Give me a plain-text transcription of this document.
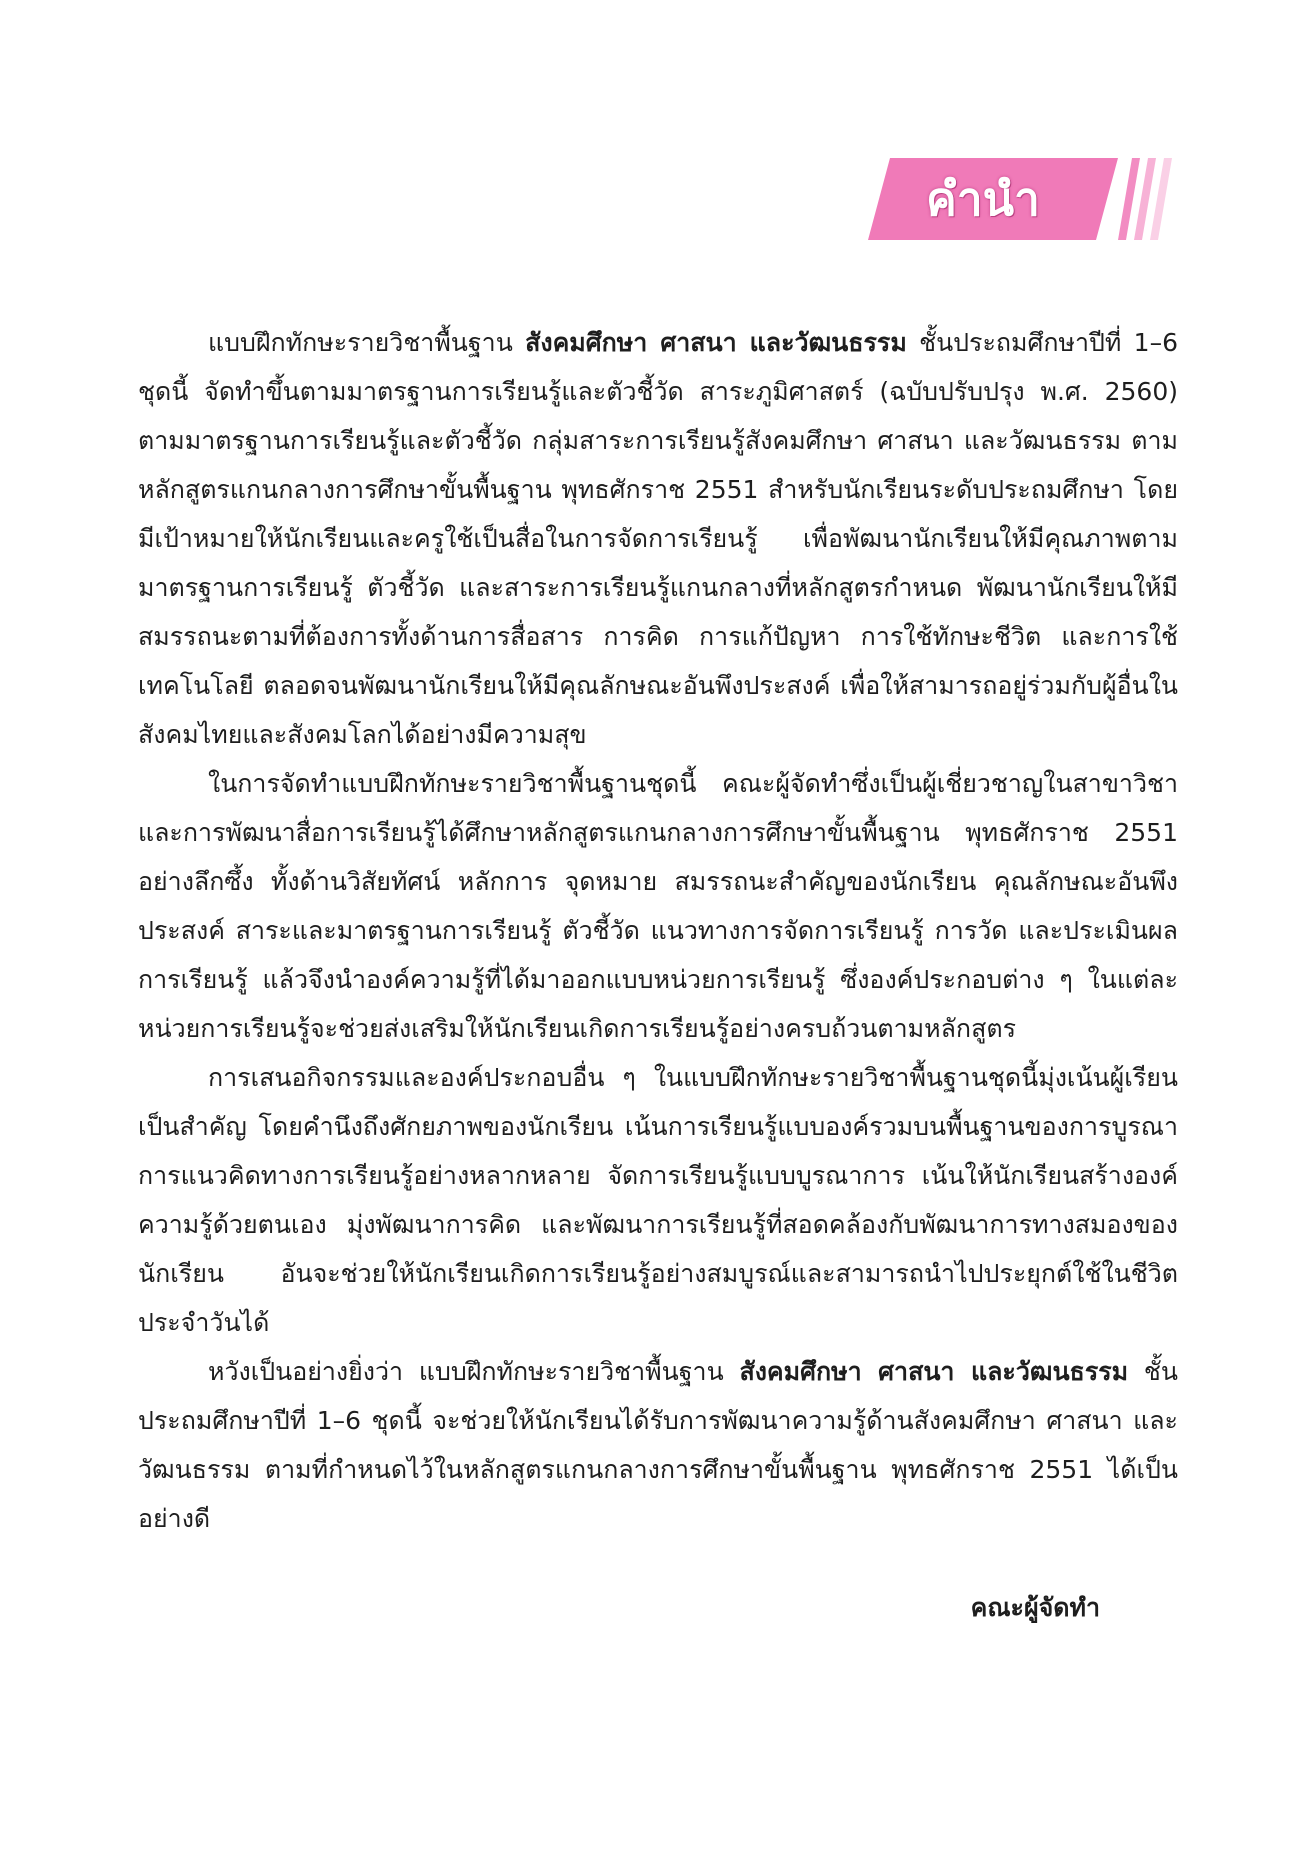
คำนำ

แบบฝึกทักษะรายวิชาพื้นฐาน สังคมศึกษา ศาสนา และวัฒนธรรม ชั้นประถมศึกษาปีที่ 1–6 ชุดนี้ จัดทำขึ้นตามมาตรฐานการเรียนรู้และตัวชี้วัด สาระภูมิศาสตร์ (ฉบับปรับปรุง พ.ศ. 2560) ตามมาตรฐานการเรียนรู้และตัวชี้วัด กลุ่มสาระการเรียนรู้สังคมศึกษา ศาสนา และวัฒนธรรม ตามหลักสูตรแกนกลางการศึกษาขั้นพื้นฐาน พุทธศักราช 2551 สำหรับนักเรียนระดับประถมศึกษา โดยมีเป้าหมายให้นักเรียนและครูใช้เป็นสื่อในการจัดการเรียนรู้ เพื่อพัฒนานักเรียนให้มีคุณภาพตามมาตรฐานการเรียนรู้ ตัวชี้วัด และสาระการเรียนรู้แกนกลางที่หลักสูตรกำหนด พัฒนานักเรียนให้มีสมรรถนะตามที่ต้องการทั้งด้านการสื่อสาร การคิด การแก้ปัญหา การใช้ทักษะชีวิต และการใช้เทคโนโลยี ตลอดจนพัฒนานักเรียนให้มีคุณลักษณะอันพึงประสงค์ เพื่อให้สามารถอยู่ร่วมกับผู้อื่นในสังคมไทยและสังคมโลกได้อย่างมีความสุข

ในการจัดทำแบบฝึกทักษะรายวิชาพื้นฐานชุดนี้ คณะผู้จัดทำซึ่งเป็นผู้เชี่ยวชาญในสาขาวิชาและการพัฒนาสื่อการเรียนรู้ได้ศึกษาหลักสูตรแกนกลางการศึกษาขั้นพื้นฐาน พุทธศักราช 2551 อย่างลึกซึ้ง ทั้งด้านวิสัยทัศน์ หลักการ จุดหมาย สมรรถนะสำคัญของนักเรียน คุณลักษณะอันพึงประสงค์ สาระและมาตรฐานการเรียนรู้ ตัวชี้วัด แนวทางการจัดการเรียนรู้ การวัด และประเมินผลการเรียนรู้ แล้วจึงนำองค์ความรู้ที่ได้มาออกแบบหน่วยการเรียนรู้ ซึ่งองค์ประกอบต่าง ๆ ในแต่ละหน่วยการเรียนรู้จะช่วยส่งเสริมให้นักเรียนเกิดการเรียนรู้อย่างครบถ้วนตามหลักสูตร

การเสนอกิจกรรมและองค์ประกอบอื่น ๆ ในแบบฝึกทักษะรายวิชาพื้นฐานชุดนี้มุ่งเน้นผู้เรียนเป็นสำคัญ โดยคำนึงถึงศักยภาพของนักเรียน เน้นการเรียนรู้แบบองค์รวมบนพื้นฐานของการบูรณาการแนวคิดทางการเรียนรู้อย่างหลากหลาย จัดการเรียนรู้แบบบูรณาการ เน้นให้นักเรียนสร้างองค์ความรู้ด้วยตนเอง มุ่งพัฒนาการคิด และพัฒนาการเรียนรู้ที่สอดคล้องกับพัฒนาการทางสมองของนักเรียน อันจะช่วยให้นักเรียนเกิดการเรียนรู้อย่างสมบูรณ์และสามารถนำไปประยุกต์ใช้ในชีวิตประจำวันได้

หวังเป็นอย่างยิ่งว่า แบบฝึกทักษะรายวิชาพื้นฐาน สังคมศึกษา ศาสนา และวัฒนธรรม ชั้นประถมศึกษาปีที่ 1–6 ชุดนี้ จะช่วยให้นักเรียนได้รับการพัฒนาความรู้ด้านสังคมศึกษา ศาสนา และวัฒนธรรม ตามที่กำหนดไว้ในหลักสูตรแกนกลางการศึกษาขั้นพื้นฐาน พุทธศักราช 2551 ได้เป็นอย่างดี

คณะผู้จัดทำ
